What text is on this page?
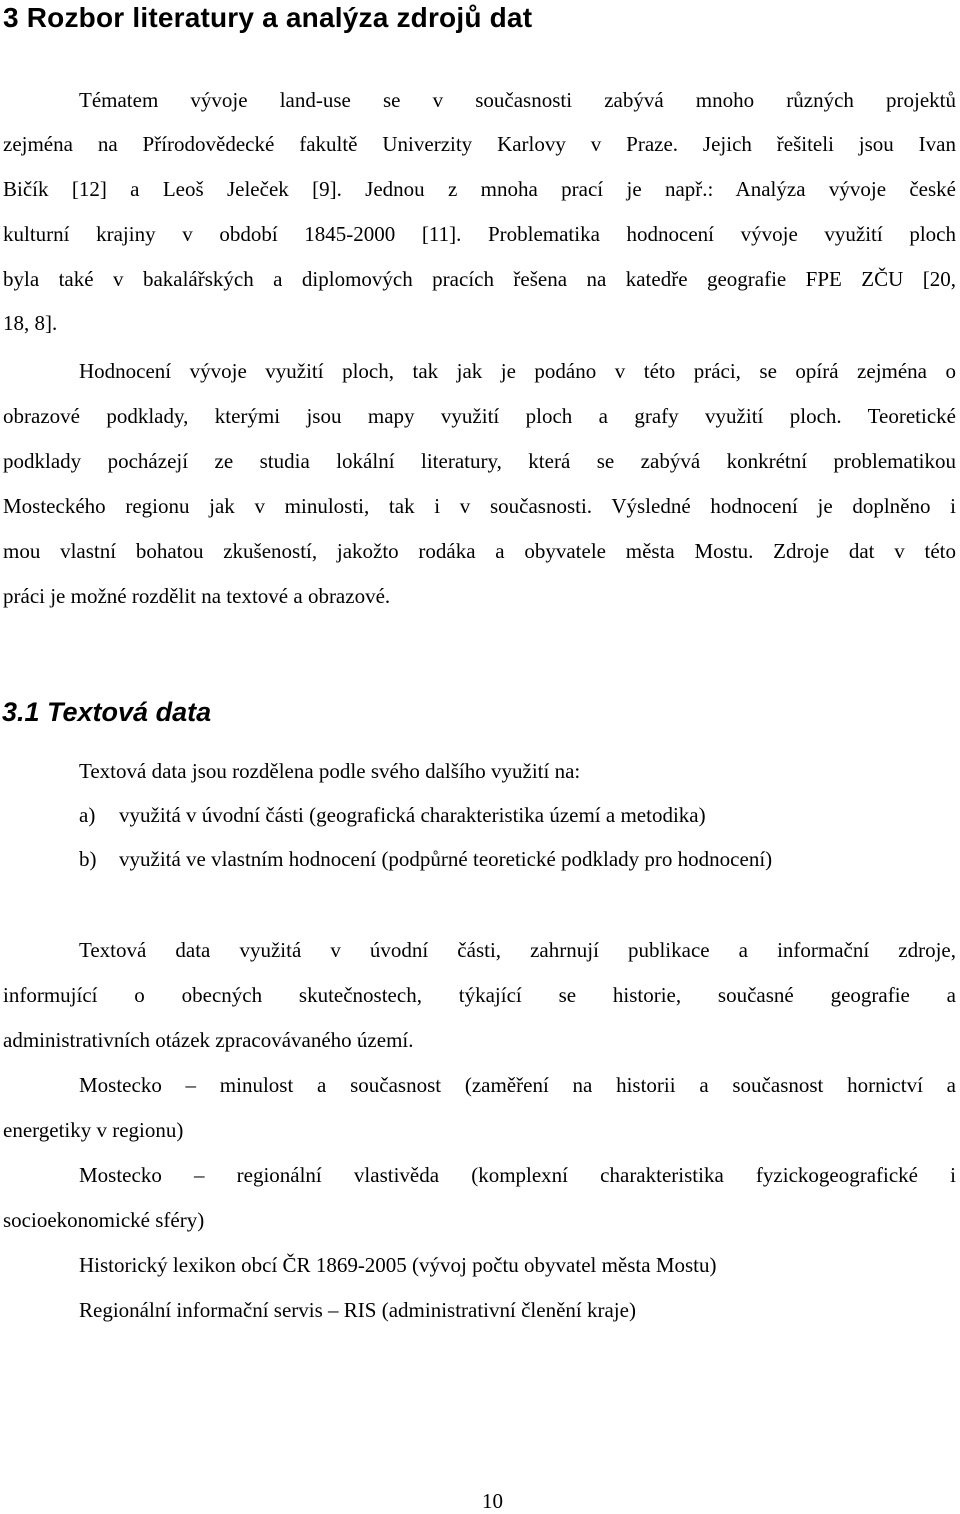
3 Rozbor literatury a analýza zdrojů dat
Tématem vývoje land-use se v současnosti zabývá mnoho různých projektů
zejména na Přírodovědecké fakultě Univerzity Karlovy v Praze. Jejich řešiteli jsou Ivan
Bičík [12] a Leoš Jeleček [9]. Jednou z mnoha prací je např.: Analýza vývoje české
kulturní krajiny v období 1845-2000 [11]. Problematika hodnocení vývoje využití ploch
byla také v bakalářských a diplomových pracích řešena na katedře geografie FPE ZČU [20,
18, 8].
Hodnocení vývoje využití ploch, tak jak je podáno v této práci, se opírá zejména o
obrazové podklady, kterými jsou mapy využití ploch a grafy využití ploch. Teoretické
podklady pocházejí ze studia lokální literatury, která se zabývá konkrétní problematikou
Mosteckého regionu jak v minulosti, tak i v současnosti. Výsledné hodnocení je doplněno i
mou vlastní bohatou zkušeností, jakožto rodáka a obyvatele města Mostu. Zdroje dat v této
práci je možné rozdělit na textové a obrazové.
3.1 Textová data
Textová data jsou rozdělena podle svého dalšího využití na:
a) využitá v úvodní části (geografická charakteristika území a metodika)
b) využitá ve vlastním hodnocení (podpůrné teoretické podklady pro hodnocení)
Textová data využitá v úvodní části, zahrnují publikace a informační zdroje,
informující o obecných skutečnostech, týkající se historie, současné geografie a
administrativních otázek zpracovávaného území.
Mostecko – minulost a současnost (zaměření na historii a současnost hornictví a
energetiky v regionu)
Mostecko – regionální vlastivěda (komplexní charakteristika fyzickogeografické i
socioekonomické sféry)
Historický lexikon obcí ČR 1869-2005 (vývoj počtu obyvatel města Mostu)
Regionální informační servis – RIS (administrativní členění kraje)
10
